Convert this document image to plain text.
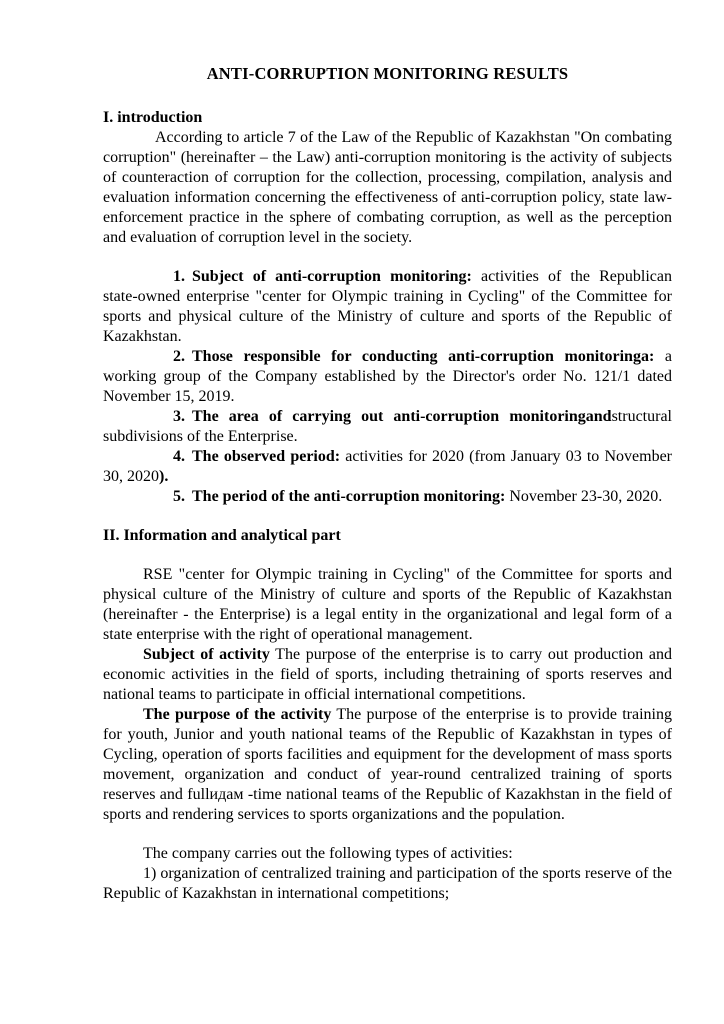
ANTI-CORRUPTION MONITORING RESULTS
I. introduction

According to article 7 of the Law of the Republic of Kazakhstan "On combating corruption" (hereinafter – the Law) anti-corruption monitoring is the activity of subjects of counteraction of corruption for the collection, processing, compilation, analysis and evaluation information concerning the effectiveness of anti-corruption policy, state law-enforcement practice in the sphere of combating corruption, as well as the perception and evaluation of corruption level in the society.

1. Subject of anti-corruption monitoring: activities of the Republican state-owned enterprise "center for Olympic training in Cycling" of the Committee for sports and physical culture of the Ministry of culture and sports of the Republic of Kazakhstan.

2. Those responsible for conducting anti-corruption monitoringa: a working group of the Company established by the Director's order No. 121/1 dated November 15, 2019.

3. The area of carrying out anti-corruption monitoringandstructural subdivisions of the Enterprise.

4. The observed period: activities for 2020 (from January 03 to November 30, 2020).

5. The period of the anti-corruption monitoring: November 23-30, 2020.

II. Information and analytical part

RSE "center for Olympic training in Cycling" of the Committee for sports and physical culture of the Ministry of culture and sports of the Republic of Kazakhstan (hereinafter - the Enterprise) is a legal entity in the organizational and legal form of a state enterprise with the right of operational management.

Subject of activity The purpose of the enterprise is to carry out production and economic activities in the field of sports, including thetraining of sports reserves and national teams to participate in official international competitions.

The purpose of the activity The purpose of the enterprise is to provide training for youth, Junior and youth national teams of the Republic of Kazakhstan in types of Cycling, operation of sports facilities and equipment for the development of mass sports movement, organization and conduct of year-round centralized training of sports reserves and fullидам -time national teams of the Republic of Kazakhstan in the field of sports and rendering services to sports organizations and the population.

The company carries out the following types of activities:

1) organization of centralized training and participation of the sports reserve of the Republic of Kazakhstan in international competitions;
